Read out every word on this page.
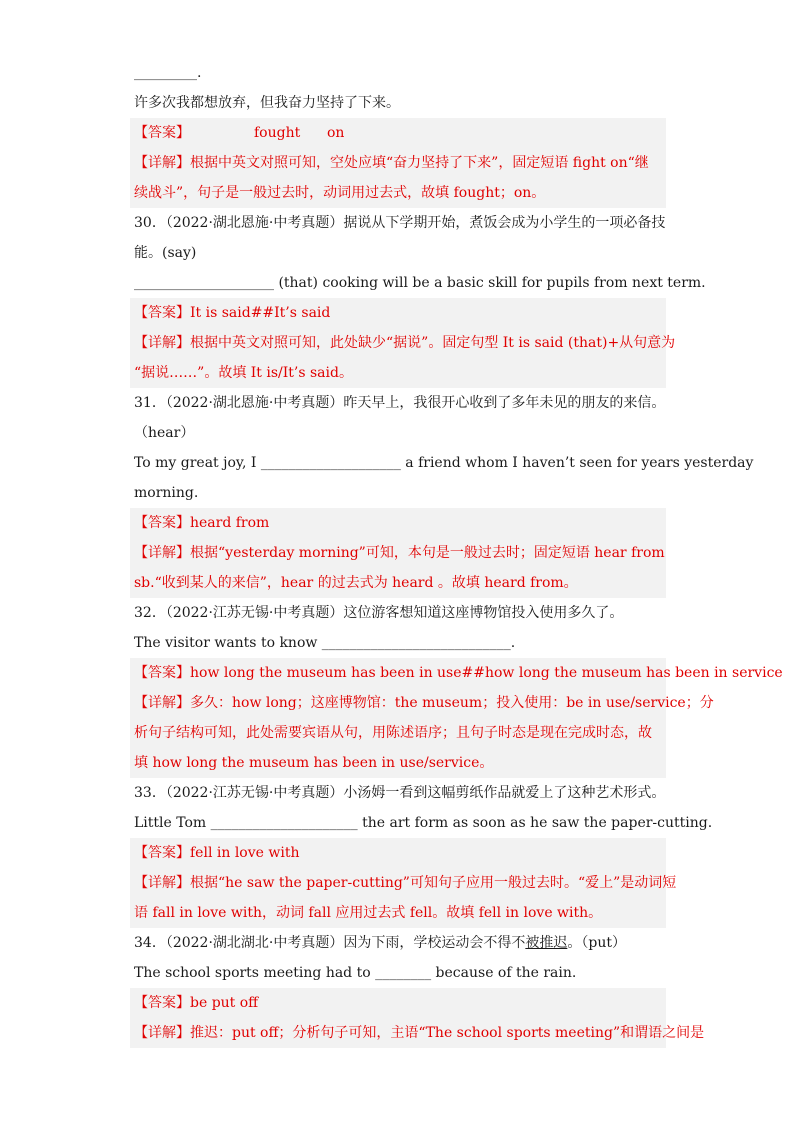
_________.
许多次我都想放弃，但我奋力坚持了下来。
【答案】	fought on
【详解】根据中英文对照可知，空处应填“奋力坚持了下来”，固定短语 fight on“继
续战斗”，句子是一般过去时，动词用过去式，故填 fought；on。
30．（2022·湖北恩施·中考真题）据说从下学期开始，煮饭会成为小学生的一项必备技
能。(say)
____________________ (that) cooking will be a basic skill for pupils from next term.
【答案】It is said##It’s said
【详解】根据中英文对照可知，此处缺少“据说”。固定句型 It is said (that)+从句意为
“据说……”。故填 It is/It’s said。
31．（2022·湖北恩施·中考真题）昨天早上，我很开心收到了多年未见的朋友的来信。
（hear）
To my great joy, I ____________________ a friend whom I haven’t seen for years yesterday
morning.
【答案】heard from
【详解】根据“yesterday morning”可知，本句是一般过去时；固定短语 hear from
sb.“收到某人的来信”，hear 的过去式为 heard 。故填 heard from。
32．（2022·江苏无锡·中考真题）这位游客想知道这座博物馆投入使用多久了。
The visitor wants to know ___________________________.
【答案】how long the museum has been in use##how long the museum has been in service
【详解】多久：how long；这座博物馆：the museum；投入使用：be in use/service；分
析句子结构可知，此处需要宾语从句，用陈述语序；且句子时态是现在完成时态，故
填 how long the museum has been in use/service。
33．（2022·江苏无锡·中考真题）小汤姆一看到这幅剪纸作品就爱上了这种艺术形式。
Little Tom _____________________ the art form as soon as he saw the paper-cutting.
【答案】fell in love with
【详解】根据“he saw the paper-cutting”可知句子应用一般过去时。“爱上”是动词短
语 fall in love with，动词 fall 应用过去式 fell。故填 fell in love with。
34．（2022·湖北湖北·中考真题）因为下雨，学校运动会不得不被推迟。（put）
The school sports meeting had to ________ because of the rain.
【答案】be put off
【详解】推迟：put off；分析句子可知，主语“The school sports meeting”和谓语之间是
